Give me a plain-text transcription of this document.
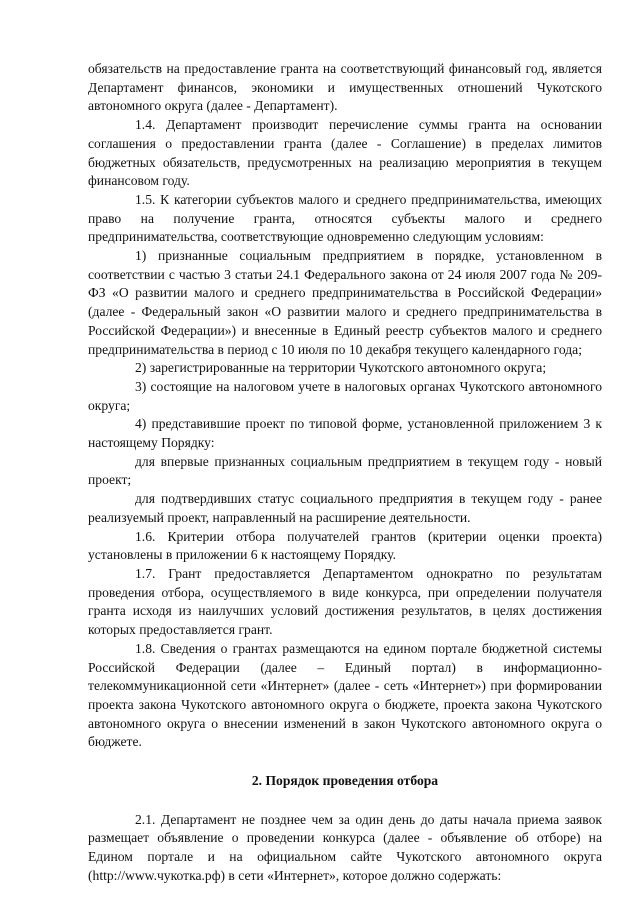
обязательств на предоставление гранта на соответствующий финансовый год, является Департамент финансов, экономики и имущественных отношений Чукотского автономного округа (далее - Департамент).

1.4. Департамент производит перечисление суммы гранта на основании соглашения о предоставлении гранта (далее - Соглашение) в пределах лимитов бюджетных обязательств, предусмотренных на реализацию мероприятия в текущем финансовом году.

1.5. К категории субъектов малого и среднего предпринимательства, имеющих право на получение гранта, относятся субъекты малого и среднего предпринимательства, соответствующие одновременно следующим условиям:

1) признанные социальным предприятием в порядке, установленном в соответствии с частью 3 статьи 24.1 Федерального закона от 24 июля 2007 года № 209-ФЗ «О развитии малого и среднего предпринимательства в Российской Федерации» (далее - Федеральный закон «О развитии малого и среднего предпринимательства в Российской Федерации») и внесенные в Единый реестр субъектов малого и среднего предпринимательства в период с 10 июля по 10 декабря текущего календарного года;

2) зарегистрированные на территории Чукотского автономного округа;

3) состоящие на налоговом учете в налоговых органах Чукотского автономного округа;

4) представившие проект по типовой форме, установленной приложением 3 к настоящему Порядку:

для впервые признанных социальным предприятием в текущем году - новый проект;

для подтвердивших статус социального предприятия в текущем году - ранее реализуемый проект, направленный на расширение деятельности.

1.6. Критерии отбора получателей грантов (критерии оценки проекта) установлены в приложении 6 к настоящему Порядку.

1.7. Грант предоставляется Департаментом однократно по результатам проведения отбора, осуществляемого в виде конкурса, при определении получателя гранта исходя из наилучших условий достижения результатов, в целях достижения которых предоставляется грант.

1.8. Сведения о грантах размещаются на едином портале бюджетной системы Российской Федерации (далее – Единый портал) в информационно-телекоммуникационной сети «Интернет» (далее - сеть «Интернет») при формировании проекта закона Чукотского автономного округа о бюджете, проекта закона Чукотского автономного округа о внесении изменений в закон Чукотского автономного округа о бюджете.

2. Порядок проведения отбора

2.1. Департамент не позднее чем за один день до даты начала приема заявок размещает объявление о проведении конкурса (далее - объявление об отборе) на Едином портале и на официальном сайте Чукотского автономного округа (http://www.чукотка.рф) в сети «Интернет», которое должно содержать:
